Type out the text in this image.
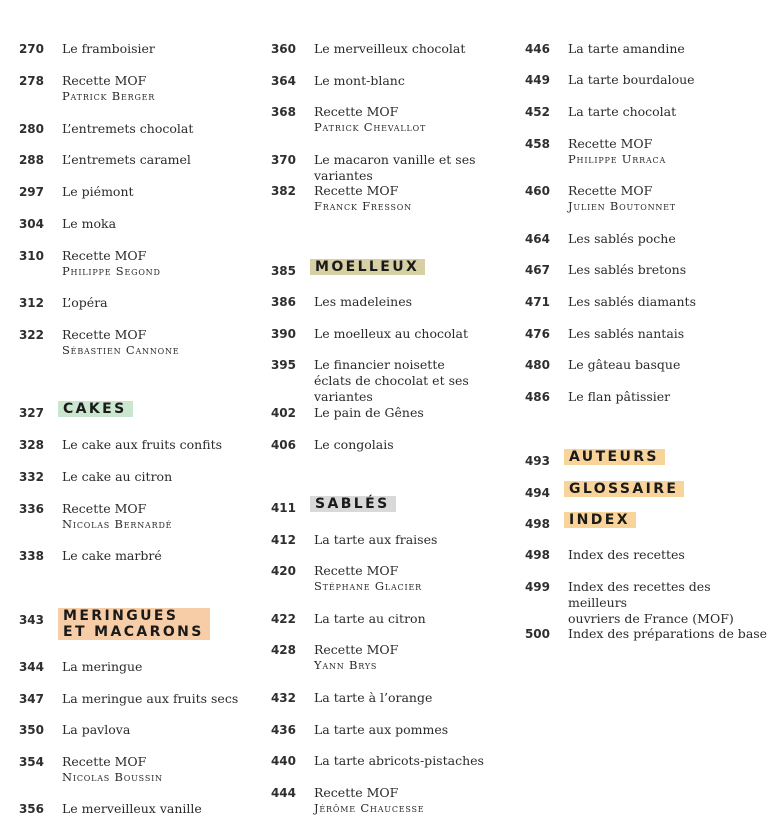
270 Le framboisier
278 Recette MOF
Patrick Berger
280 L’entremets chocolat
288 L’entremets caramel
297 Le piémont
304 Le moka
310 Recette MOF
Philippe Segond
312 L’opéra
322 Recette MOF
Sébastien Cannone
327 CAKES
328 Le cake aux fruits confits
332 Le cake au citron
336 Recette MOF
Nicolas Bernardé
338 Le cake marbré
343 MERINGUES
ET MACARONS
344 La meringue
347 La meringue aux fruits secs
350 La pavlova
354 Recette MOF
Nicolas Boussin
356 Le merveilleux vanille
360 Le merveilleux chocolat
364 Le mont-blanc
368 Recette MOF
Patrick Chevallot
370 Le macaron vanille et ses variantes
382 Recette MOF
Franck Fresson
385 MOELLEUX
386 Les madeleines
390 Le moelleux au chocolat
395 Le financier noisette
éclats de chocolat et ses variantes
402 Le pain de Gênes
406 Le congolais
411 SABLÉS
412 La tarte aux fraises
420 Recette MOF
Stéphane Glacier
422 La tarte au citron
428 Recette MOF
Yann Brys
432 La tarte à l’orange
436 La tarte aux pommes
440 La tarte abricots-pistaches
444 Recette MOF
Jérôme Chaucesse
446 La tarte amandine
449 La tarte bourdaloue
452 La tarte chocolat
458 Recette MOF
Philippe Urraca
460 Recette MOF
Julien Boutonnet
464 Les sablés poche
467 Les sablés bretons
471 Les sablés diamants
476 Les sablés nantais
480 Le gâteau basque
486 Le flan pâtissier
493 AUTEURS
494 GLOSSAIRE
498 INDEX
498 Index des recettes
499 Index des recettes des meilleurs
ouvriers de France (MOF)
500 Index des préparations de base
